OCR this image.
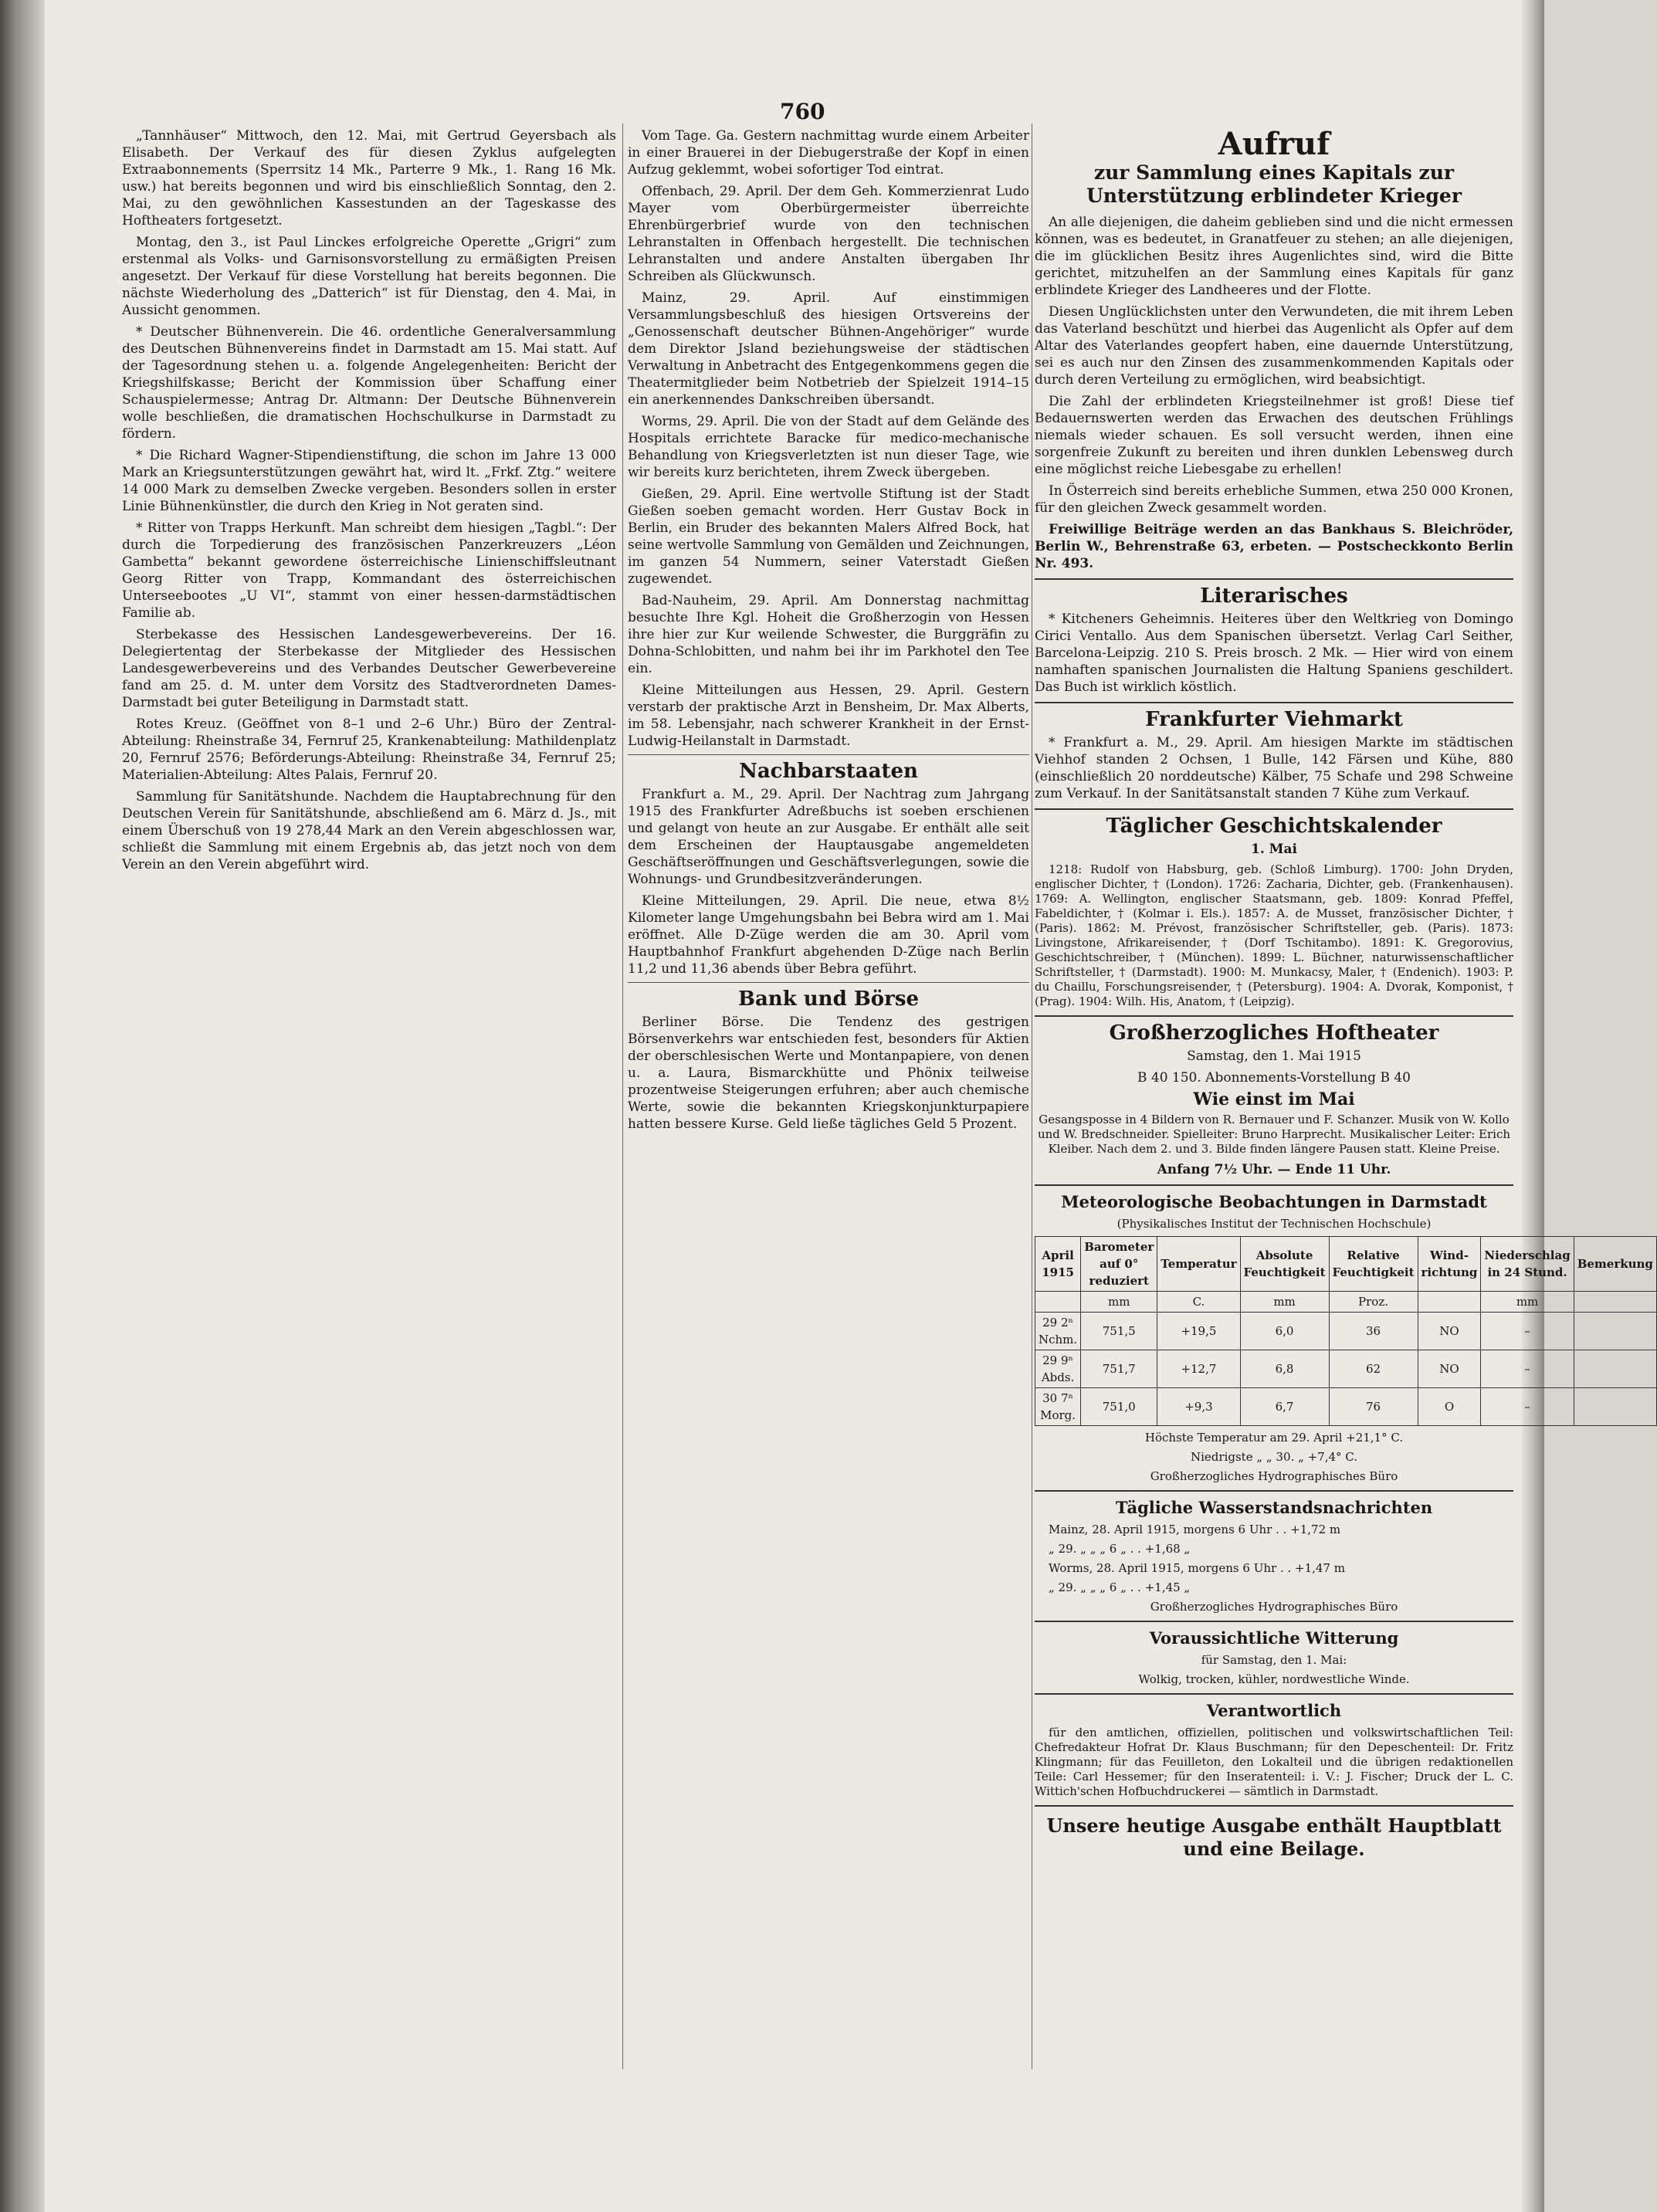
760

„Tannhäuser“ Mittwoch, den 12. Mai, mit Gertrud Geyersbach als Elisabeth. Der Verkauf des für diesen Zyklus aufgelegten Extraabonnements (Sperrsitz 14 Mk., Parterre 9 Mk., 1. Rang 16 Mk. usw.) hat bereits begonnen und wird bis einschließlich Sonntag, den 2. Mai, zu den gewöhnlichen Kassestunden an der Tageskasse des Hoftheaters fortgesetzt.

Montag, den 3., ist Paul Linckes erfolgreiche Operette „Grigri“ zum erstenmal als Volks- und Garnisonsvorstellung zu ermäßigten Preisen angesetzt. Der Verkauf für diese Vorstellung hat bereits begonnen. Die nächste Wiederholung des „Datterich“ ist für Dienstag, den 4. Mai, in Aussicht genommen.

* Deutscher Bühnenverein. Die 46. ordentliche Generalversammlung des Deutschen Bühnenvereins findet in Darmstadt am 15. Mai statt. Auf der Tagesordnung stehen u. a. folgende Angelegenheiten: Bericht der Kriegshilfskasse; Bericht der Kommission über Schaffung einer Schauspielermesse; Antrag Dr. Altmann: Der Deutsche Bühnenverein wolle beschließen, die dramatischen Hochschulkurse in Darmstadt zu fördern.

* Die Richard Wagner-Stipendienstiftung, die schon im Jahre 13 000 Mark an Kriegsunterstützungen gewährt hat, wird lt. „Frkf. Ztg.“ weitere 14 000 Mark zu demselben Zwecke vergeben. Besonders sollen in erster Linie Bühnenkünstler, die durch den Krieg in Not geraten sind.

* Ritter von Trapps Herkunft. Man schreibt dem hiesigen „Tagbl.“: Der durch die Torpedierung des französischen Panzerkreuzers „Léon Gambetta“ bekannt gewordene österreichische Linienschiffsleutnant Georg Ritter von Trapp, Kommandant des österreichischen Unterseebootes „U VI“, stammt von einer hessen-darmstädtischen Familie ab.

Sterbekasse des Hessischen Landesgewerbevereins. Der 16. Delegiertentag der Sterbekasse der Mitglieder des Hessischen Landesgewerbevereins und des Verbandes Deutscher Gewerbevereine fand am 25. d. M. unter dem Vorsitz des Stadtverordneten Dames-Darmstadt bei guter Beteiligung in Darmstadt statt.

Rotes Kreuz. (Geöffnet von 8–1 und 2–6 Uhr.) Büro der Zentral-Abteilung: Rheinstraße 34, Fernruf 25, Krankenabteilung: Mathildenplatz 20, Fernruf 2576; Beförderungs-Abteilung: Rheinstraße 34, Fernruf 25; Materialien-Abteilung: Altes Palais, Fernruf 20.

Sammlung für Sanitätshunde. Nachdem die Hauptabrechnung für den Deutschen Verein für Sanitätshunde, abschließend am 6. März d. Js., mit einem Überschuß von 19 278,44 Mark an den Verein abgeschlossen war, schließt die Sammlung mit einem Ergebnis ab, das jetzt noch von dem Verein an den Verein abgeführt wird.

Vom Tage. Ga. Gestern nachmittag wurde einem Arbeiter in einer Brauerei in der Diebugerstraße der Kopf in einen Aufzug geklemmt, wobei sofortiger Tod eintrat.

Offenbach, 29. April. Der dem Geh. Kommerzienrat Ludo Mayer vom Oberbürgermeister überreichte Ehrenbürgerbrief wurde von den technischen Lehranstalten in Offenbach hergestellt. Die technischen Lehranstalten und andere Anstalten übergaben Ihr Schreiben als Glückwunsch.

Mainz, 29. April. Auf einstimmigen Versammlungsbeschluß des hiesigen Ortsvereins der „Genossenschaft deutscher Bühnen-Angehöriger“ wurde dem Direktor Jsland beziehungsweise der städtischen Verwaltung in Anbetracht des Entgegenkommens gegen die Theatermitglieder beim Notbetrieb der Spielzeit 1914–15 ein anerkennendes Dankschreiben übersandt.

Worms, 29. April. Die von der Stadt auf dem Gelände des Hospitals errichtete Baracke für medico-mechanische Behandlung von Kriegsverletzten ist nun dieser Tage, wie wir bereits kurz berichteten, ihrem Zweck übergeben.

Gießen, 29. April. Eine wertvolle Stiftung ist der Stadt Gießen soeben gemacht worden. Herr Gustav Bock in Berlin, ein Bruder des bekannten Malers Alfred Bock, hat seine wertvolle Sammlung von Gemälden und Zeichnungen, im ganzen 54 Nummern, seiner Vaterstadt Gießen zugewendet.

Bad-Nauheim, 29. April. Am Donnerstag nachmittag besuchte Ihre Kgl. Hoheit die Großherzogin von Hessen ihre hier zur Kur weilende Schwester, die Burggräfin zu Dohna-Schlobitten, und nahm bei ihr im Parkhotel den Tee ein.

Kleine Mitteilungen aus Hessen, 29. April. Gestern verstarb der praktische Arzt in Bensheim, Dr. Max Alberts, im 58. Lebensjahr, nach schwerer Krankheit in der Ernst-Ludwig-Heilanstalt in Darmstadt.

Nachbarstaaten

Frankfurt a. M., 29. April. Der Nachtrag zum Jahrgang 1915 des Frankfurter Adreßbuchs ist soeben erschienen und gelangt von heute an zur Ausgabe. Er enthält alle seit dem Erscheinen der Hauptausgabe angemeldeten Geschäftseröffnungen und Geschäftsverlegungen, sowie die Wohnungs- und Grundbesitzveränderungen.

Kleine Mitteilungen, 29. April. Die neue, etwa 8½ Kilometer lange Umgehungsbahn bei Bebra wird am 1. Mai eröffnet. Alle D-Züge werden die am 30. April vom Hauptbahnhof Frankfurt abgehenden D-Züge nach Berlin 11,2 und 11,36 abends über Bebra geführt.

Bank und Börse

Berliner Börse. Die Tendenz des gestrigen Börsenverkehrs war entschieden fest, besonders für Aktien der oberschlesischen Werte und Montanpapiere, von denen u. a. Laura, Bismarckhütte und Phönix teilweise prozentweise Steigerungen erfuhren; aber auch chemische Werte, sowie die bekannten Kriegskonjunkturpapiere hatten bessere Kurse. Geld ließe tägliches Geld 5 Prozent.

Aufruf
zur Sammlung eines Kapitals zur Unterstützung erblindeter Krieger

An alle diejenigen, die daheim geblieben sind und die nicht ermessen können, was es bedeutet, in Granatfeuer zu stehen; an alle diejenigen, die im glücklichen Besitz ihres Augenlichtes sind, wird die Bitte gerichtet, mitzuhelfen an der Sammlung eines Kapitals für ganz erblindete Krieger des Landheeres und der Flotte.

Diesen Unglücklichsten unter den Verwundeten, die mit ihrem Leben das Vaterland beschützt und hierbei das Augenlicht als Opfer auf dem Altar des Vaterlandes geopfert haben, eine dauernde Unterstützung, sei es auch nur den Zinsen des zusammenkommenden Kapitals oder durch deren Verteilung zu ermöglichen, wird beabsichtigt.

Die Zahl der erblindeten Kriegsteilnehmer ist groß! Diese tief Bedauernswerten werden das Erwachen des deutschen Frühlings niemals wieder schauen. Es soll versucht werden, ihnen eine sorgenfreie Zukunft zu bereiten und ihren dunklen Lebensweg durch eine möglichst reiche Liebesgabe zu erhellen!

In Österreich sind bereits erhebliche Summen, etwa 250 000 Kronen, für den gleichen Zweck gesammelt worden.

Freiwillige Beiträge werden an das Bankhaus S. Bleichröder, Berlin W., Behrenstraße 63, erbeten. — Postscheckkonto Berlin Nr. 493.

Literarisches

* Kitcheners Geheimnis. Heiteres über den Weltkrieg von Domingo Cirici Ventallo. Aus dem Spanischen übersetzt. Verlag Carl Seither, Barcelona-Leipzig. 210 S. Preis brosch. 2 Mk. — Hier wird von einem namhaften spanischen Journalisten die Haltung Spaniens geschildert. Das Buch ist wirklich köstlich.

Frankfurter Viehmarkt

* Frankfurt a. M., 29. April. Am hiesigen Markte im städtischen Viehhof standen 2 Ochsen, 1 Bulle, 142 Färsen und Kühe, 880 (einschließlich 20 norddeutsche) Kälber, 75 Schafe und 298 Schweine zum Verkauf. In der Sanitätsanstalt standen 7 Kühe zum Verkauf.

Täglicher Geschichtskalender

1. Mai

1218: Rudolf von Habsburg, geb. (Schloß Limburg). 1700: John Dryden, englischer Dichter, † (London). 1726: Zacharia, Dichter, geb. (Frankenhausen). 1769: A. Wellington, englischer Staatsmann, geb. 1809: Konrad Pfeffel, Fabeldichter, † (Kolmar i. Els.). 1857: A. de Musset, französischer Dichter, † (Paris). 1862: M. Prévost, französischer Schriftsteller, geb. (Paris). 1873: Livingstone, Afrikareisender, † (Dorf Tschitambo). 1891: K. Gregorovius, Geschichtschreiber, † (München). 1899: L. Büchner, naturwissenschaftlicher Schriftsteller, † (Darmstadt). 1900: M. Munkacsy, Maler, † (Endenich). 1903: P. du Chaillu, Forschungsreisender, † (Petersburg). 1904: A. Dvorak, Komponist, † (Prag). 1904: Wilh. His, Anatom, † (Leipzig).

Großherzogliches Hoftheater

Samstag, den 1. Mai 1915

B 40 150. Abonnements-Vorstellung B 40

Wie einst im Mai

Gesangsposse in 4 Bildern von R. Bernauer und F. Schanzer. Musik von W. Kollo und W. Bredschneider. Spielleiter: Bruno Harprecht. Musikalischer Leiter: Erich Kleiber. Nach dem 2. und 3. Bilde finden längere Pausen statt. Kleine Preise.

Anfang 7½ Uhr. — Ende 11 Uhr.

Meteorologische Beobachtungen in Darmstadt

(Physikalisches Institut der Technischen Hochschule)

April 1915	Barometer auf 0° reduziert	Temperatur	Absolute Feuchtigkeit	Relative Feuchtigkeit	Wind-richtung	Niederschlag in 24 Stund.	Bemerkung
	mm	C.	mm	Proz.		mm	
29 2ⁿ Nchm.	751,5	+19,5	6,0	36	NO	–	
29 9ⁿ Abds.	751,7	+12,7	6,8	62	NO	–	
30 7ⁿ Morg.	751,0	+9,3	6,7	76	O	–	

Höchste Temperatur am 29. April +21,1° C.

Niedrigste „ „ 30. „ +7,4° C.

Großherzogliches Hydrographisches Büro

Tägliche Wasserstandsnachrichten

Mainz, 28. April 1915, morgens 6 Uhr . . +1,72 m

„ 29. „ „ „ 6 „ . . +1,68 „

Worms, 28. April 1915, morgens 6 Uhr . . +1,47 m

„ 29. „ „ „ 6 „ . . +1,45 „

Großherzogliches Hydrographisches Büro

Voraussichtliche Witterung

für Samstag, den 1. Mai:

Wolkig, trocken, kühler, nordwestliche Winde.

Verantwortlich

für den amtlichen, offiziellen, politischen und volkswirtschaftlichen Teil: Chefredakteur Hofrat Dr. Klaus Buschmann; für den Depeschenteil: Dr. Fritz Klingmann; für das Feuilleton, den Lokalteil und die übrigen redaktionellen Teile: Carl Hessemer; für den Inseratenteil: i. V.: J. Fischer; Druck der L. C. Wittich'schen Hofbuchdruckerei — sämtlich in Darmstadt.

Unsere heutige Ausgabe enthält Hauptblatt und eine Beilage.
